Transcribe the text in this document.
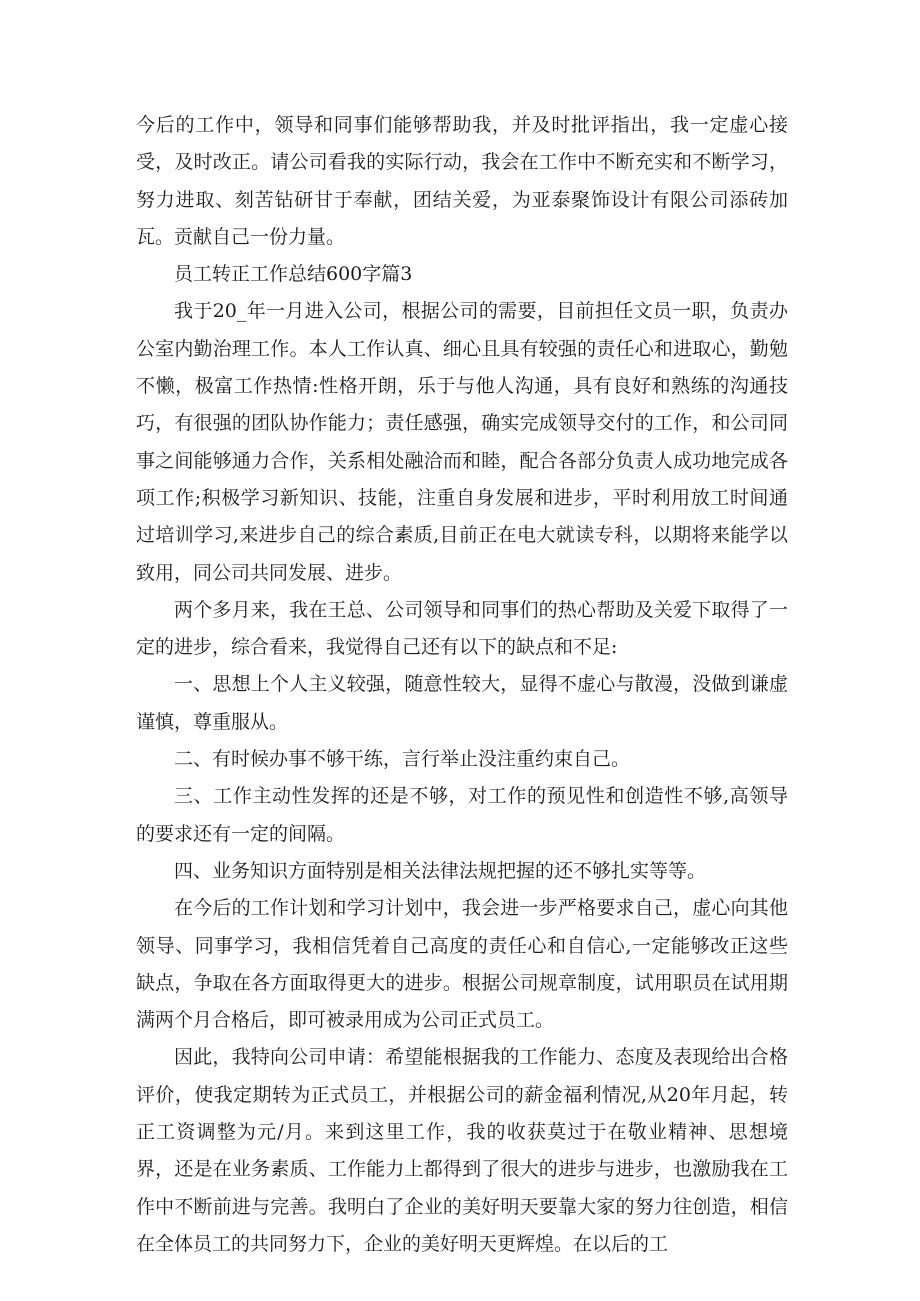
今后的工作中，领导和同事们能够帮助我，并及时批评指出，我一定虚心接受，及时改正。请公司看我的实际行动，我会在工作中不断充实和不断学习，努力进取、刻苦钻研甘于奉献，团结关爱，为亚泰聚饰设计有限公司添砖加瓦。贡献自己一份力量。

员工转正工作总结600字篇3

我于20_年一月进入公司，根据公司的需要，目前担任文员一职，负责办公室内勤治理工作。本人工作认真、细心且具有较强的责任心和进取心，勤勉不懒，极富工作热情:性格开朗，乐于与他人沟通，具有良好和熟练的沟通技巧，有很强的团队协作能力；责任感强，确实完成领导交付的工作，和公司同事之间能够通力合作，关系相处融洽而和睦，配合各部分负责人成功地完成各项工作;积极学习新知识、技能，注重自身发展和进步，平时利用放工时间通过培训学习,来进步自己的综合素质,目前正在电大就读专科，以期将来能学以致用，同公司共同发展、进步。

两个多月来，我在王总、公司领导和同事们的热心帮助及关爱下取得了一定的进步，综合看来，我觉得自己还有以下的缺点和不足:

一、思想上个人主义较强，随意性较大，显得不虚心与散漫，没做到谦虚谨慎，尊重服从。

二、有时候办事不够干练，言行举止没注重约束自己。

三、工作主动性发挥的还是不够，对工作的预见性和创造性不够,高领导的要求还有一定的间隔。

四、业务知识方面特别是相关法律法规把握的还不够扎实等等。

在今后的工作计划和学习计划中，我会进一步严格要求自己，虚心向其他领导、同事学习，我相信凭着自己高度的责任心和自信心,一定能够改正这些缺点，争取在各方面取得更大的进步。根据公司规章制度，试用职员在试用期满两个月合格后，即可被录用成为公司正式员工。

因此，我特向公司申请：希望能根据我的工作能力、态度及表现给出合格评价，使我定期转为正式员工，并根据公司的薪金福利情况,从20年月起，转正工资调整为元/月。来到这里工作，我的收获莫过于在敬业精神、思想境界，还是在业务素质、工作能力上都得到了很大的进步与进步，也激励我在工作中不断前进与完善。我明白了企业的美好明天要靠大家的努力往创造，相信在全体员工的共同努力下，企业的美好明天更辉煌。在以后的工
